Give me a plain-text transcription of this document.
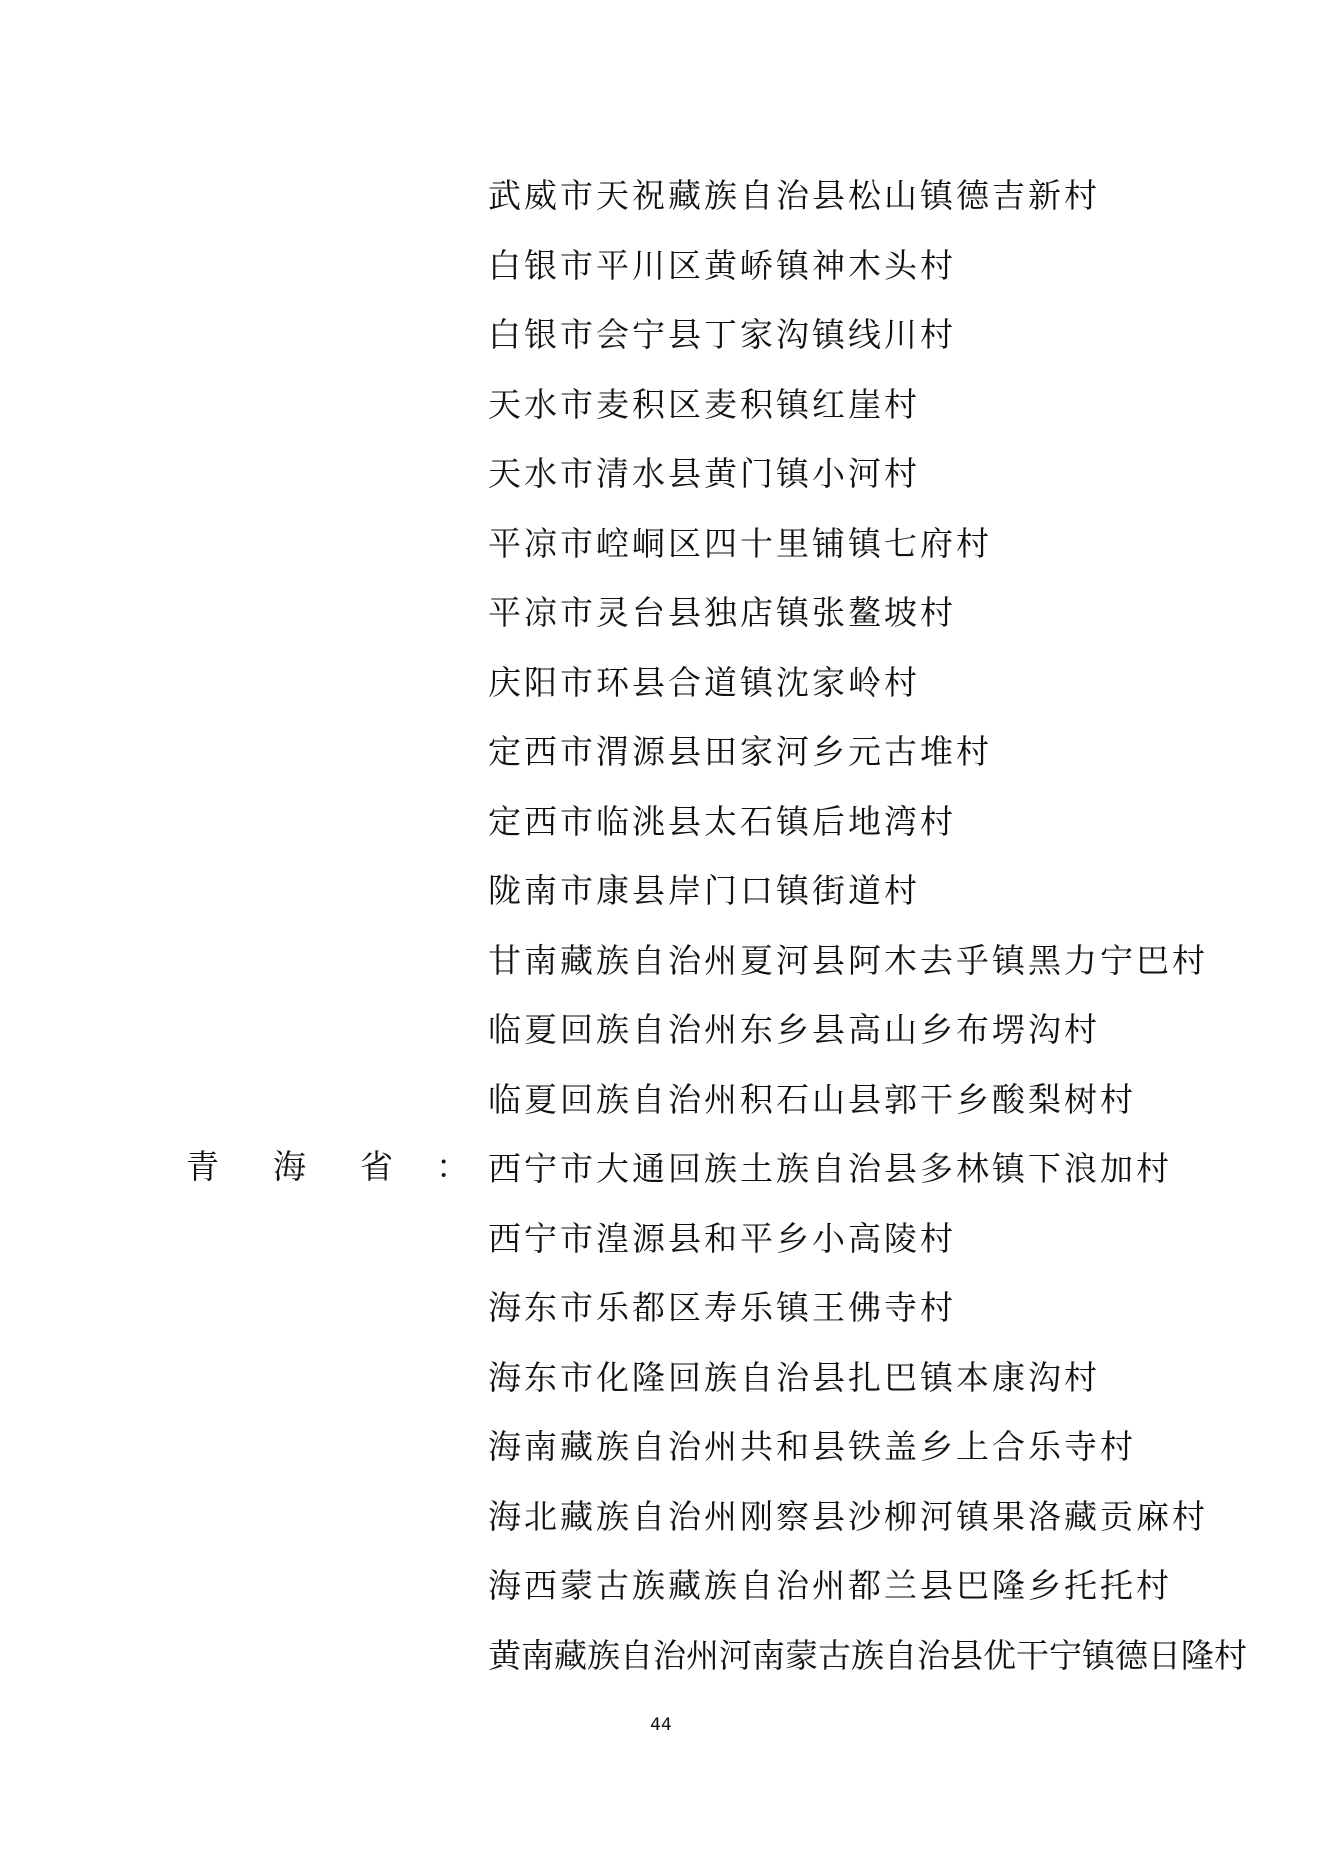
青 海 省 ：
武威市天祝藏族自治县松山镇德吉新村
白银市平川区黄峤镇神木头村
白银市会宁县丁家沟镇线川村
天水市麦积区麦积镇红崖村
天水市清水县黄门镇小河村
平凉市崆峒区四十里铺镇七府村
平凉市灵台县独店镇张鳌坡村
庆阳市环县合道镇沈家岭村
定西市渭源县田家河乡元古堆村
定西市临洮县太石镇后地湾村
陇南市康县岸门口镇街道村
甘南藏族自治州夏河县阿木去乎镇黑力宁巴村
临夏回族自治州东乡县高山乡布塄沟村
临夏回族自治州积石山县郭干乡酸梨树村
西宁市大通回族土族自治县多林镇下浪加村
西宁市湟源县和平乡小高陵村
海东市乐都区寿乐镇王佛寺村
海东市化隆回族自治县扎巴镇本康沟村
海南藏族自治州共和县铁盖乡上合乐寺村
海北藏族自治州刚察县沙柳河镇果洛藏贡麻村
海西蒙古族藏族自治州都兰县巴隆乡托托村
黄南藏族自治州河南蒙古族自治县优干宁镇德日隆村
44
